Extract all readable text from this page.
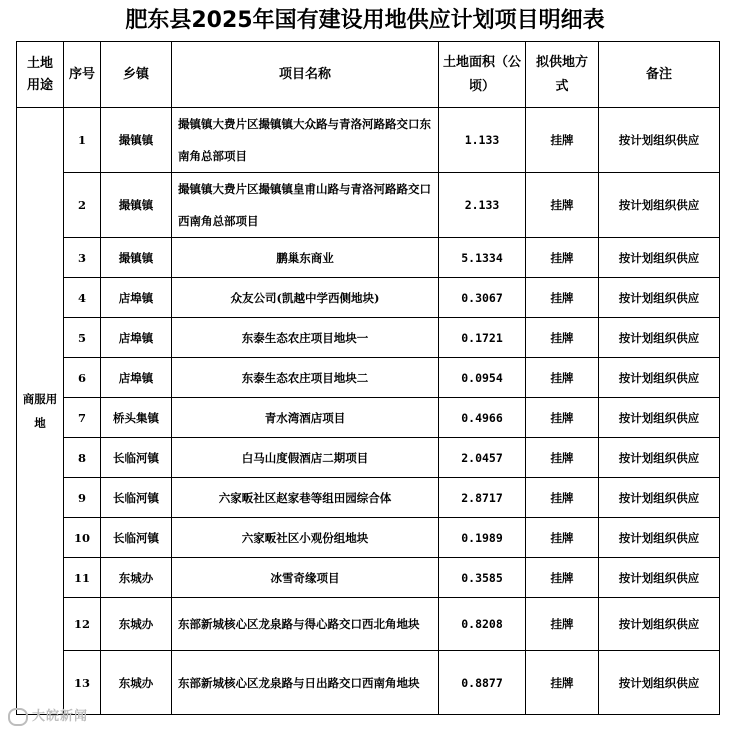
肥东县2025年国有建设用地供应计划项目明细表
土地用途	序号	乡镇	项目名称	土地面积（公顷）	拟供地方式	备注
商服用地	1	撮镇镇	撮镇镇大费片区撮镇镇大众路与青洛河路路交口东南角总部项目	1.133	挂牌	按计划组织供应
	2	撮镇镇	撮镇镇大费片区撮镇镇皇甫山路与青洛河路路交口西南角总部项目	2.133	挂牌	按计划组织供应
	3	撮镇镇	鹏巢东商业	5.1334	挂牌	按计划组织供应
	4	店埠镇	众友公司(凯越中学西侧地块)	0.3067	挂牌	按计划组织供应
	5	店埠镇	东泰生态农庄项目地块一	0.1721	挂牌	按计划组织供应
	6	店埠镇	东泰生态农庄项目地块二	0.0954	挂牌	按计划组织供应
	7	桥头集镇	青水湾酒店项目	0.4966	挂牌	按计划组织供应
	8	长临河镇	白马山度假酒店二期项目	2.0457	挂牌	按计划组织供应
	9	长临河镇	六家畈社区赵家巷等组田园综合体	2.8717	挂牌	按计划组织供应
	10	长临河镇	六家畈社区小观份组地块	0.1989	挂牌	按计划组织供应
	11	东城办	冰雪奇缘项目	0.3585	挂牌	按计划组织供应
	12	东城办	东部新城核心区龙泉路与得心路交口西北角地块	0.8208	挂牌	按计划组织供应
	13	东城办	东部新城核心区龙泉路与日出路交口西南角地块	0.8877	挂牌	按计划组织供应
大皖新闻
